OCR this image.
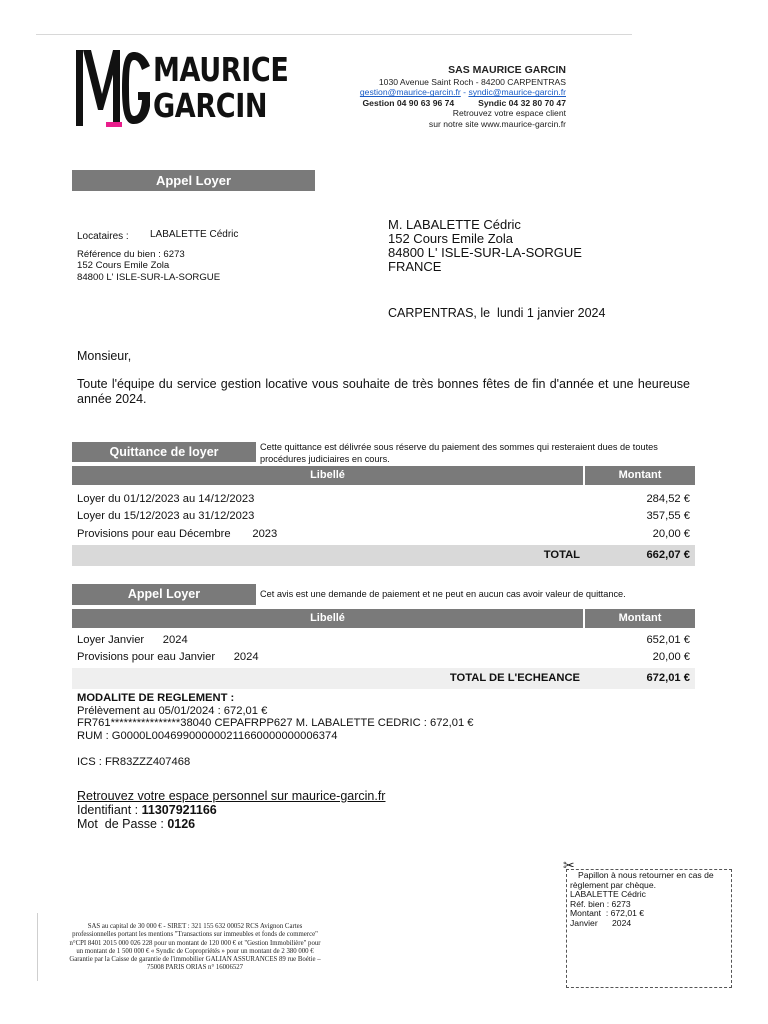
MAURICE
GARCIN
SAS MAURICE GARCIN
1030 Avenue Saint Roch - 84200 CARPENTRAS
gestion@maurice-garcin.fr - syndic@maurice-garcin.fr
Gestion 04 90 63 96 74          Syndic 04 32 80 70 47
Retrouvez votre espace client
sur notre site www.maurice-garcin.fr
Appel Loyer
Locataires : LABALETTE Cédric
Référence du bien : 6273
152 Cours Emile Zola
84800 L' ISLE-SUR-LA-SORGUE
M. LABALETTE Cédric
152 Cours Emile Zola
84800 L' ISLE-SUR-LA-SORGUE
FRANCE
CARPENTRAS, le  lundi 1 janvier 2024
Monsieur,
Toute l'équipe du service gestion locative vous souhaite de très bonnes fêtes de fin d'année et une heureuse année 2024.
Quittance de loyer	Cette quittance est délivrée sous réserve du paiement des sommes qui resteraient dues de toutes procédures judiciaires en cours.
Libellé	Montant
Loyer du 01/12/2023 au 14/12/2023	284,52 €
Loyer du 15/12/2023 au 31/12/2023	357,55 €
Provisions pour eau Décembre       2023	20,00 €
TOTAL	662,07 €
Appel Loyer	Cet avis est une demande de paiement et ne peut en aucun cas avoir valeur de quittance.
Libellé	Montant
Loyer Janvier      2024	652,01 €
Provisions pour eau Janvier      2024	20,00 €
TOTAL DE L'ECHEANCE	672,01 €
MODALITE DE REGLEMENT :
Prélèvement au 05/01/2024 : 672,01 €
FR761****************38040 CEPAFRPP627 M. LABALETTE CEDRIC : 672,01 €
RUM : G0000L004699000000211660000000006374
ICS : FR83ZZZ407468
Retrouvez votre espace personnel sur maurice-garcin.fr
Identifiant : 11307921166
Mot  de Passe : 0126
SAS au capital de 30 000 € - SIRET : 321 155 632 00052 RCS Avignon Cartes
professionnelles portant les mentions "Transactions sur immeubles et fonds de commerce"
n°CPI 8401 2015 000 026 228 pour un montant de 120 000 € et "Gestion Immobilière" pour
un montant de 1 500 000 € « Syndic de Copropriétés » pour un montant de 2 380 000 €
Garantie par la Caisse de garantie de l'immobilier GALIAN ASSURANCES 89 rue Boétie –
75008 PARIS ORIAS n° 16006527
✂
Papillon à nous retourner en cas de règlement par chèque.
LABALETTE Cédric
Réf. bien : 6273
Montant  : 672,01 €
Janvier      2024
